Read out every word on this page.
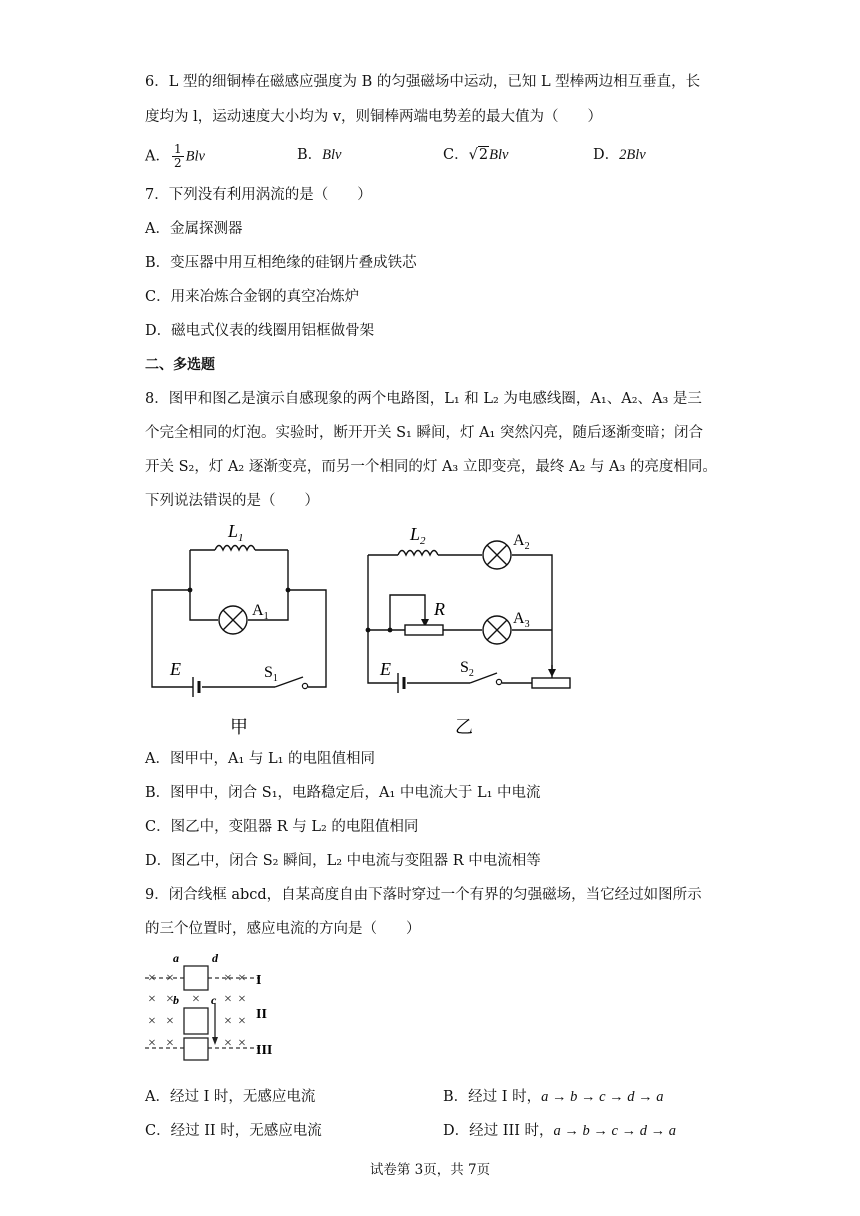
6．L 型的细铜棒在磁感应强度为 B 的匀强磁场中运动，已知 L 型棒两边相互垂直，长
度均为 l，运动速度大小均为 v，则铜棒两端电势差的最大值为（　　）
A． $\frac{1}{2}$ Blv	B．Blv	C．√2Blv	D．2Blv
7．下列没有利用涡流的是（　　）
A．金属探测器
B．变压器中用互相绝缘的硅钢片叠成铁芯
C．用来冶炼合金钢的真空冶炼炉
D．磁电式仪表的线圈用铝框做骨架
二、多选题
8．图甲和图乙是演示自感现象的两个电路图，L₁ 和 L₂ 为电感线圈，A₁、A₂、A₃ 是三
个完全相同的灯泡。实验时，断开开关 S₁ 瞬间，灯 A₁ 突然闪亮，随后逐渐变暗；闭合
开关 S₂，灯 A₂ 逐渐变亮，而另一个相同的灯 A₃ 立即变亮，最终 A₂ 与 A₃ 的亮度相同。
下列说法错误的是（　　）
$L_1$
$A_1$
E	$S_1$
甲
$L_2$	$A_2$
$A_3$
R
E	$S_2$
乙
A．图甲中，A₁ 与 L₁ 的电阻值相同
B．图甲中，闭合 S₁，电路稳定后，A₁ 中电流大于 L₁ 中电流
C．图乙中，变阻器 R 与 L₂ 的电阻值相同
D．图乙中，闭合 S₂ 瞬间，L₂ 中电流与变阻器 R 中电流相等
9．闭合线框 abcd，自某高度自由下落时穿过一个有界的匀强磁场，当它经过如图所示
的三个位置时，感应电流的方向是（　　）
× ×	× ×
× × × × ×
× ×	× ×
× ×	× ×
a	d
b	c
I
II
III
A．经过 I 时，无感应电流	B．经过 I 时，a → b → c → d → a
C．经过 II 时，无感应电流	D．经过 III 时，a → b → c → d → a
试卷第 3页，共 7页
